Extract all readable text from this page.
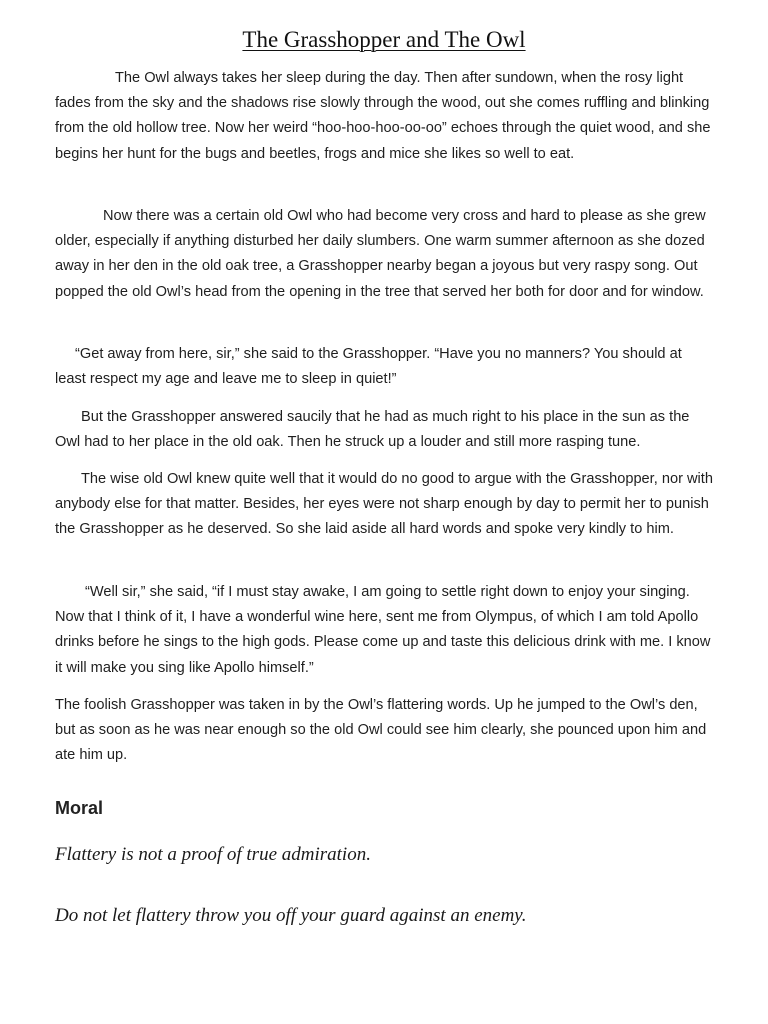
The Grasshopper and The Owl

The Owl always takes her sleep during the day. Then after sundown, when the rosy light fades from the sky and the shadows rise slowly through the wood, out she comes ruffling and blinking from the old hollow tree. Now her weird “hoo-hoo-hoo-oo-oo” echoes through the quiet wood, and she begins her hunt for the bugs and beetles, frogs and mice she likes so well to eat.

Now there was a certain old Owl who had become very cross and hard to please as she grew older, especially if anything disturbed her daily slumbers. One warm summer afternoon as she dozed away in her den in the old oak tree, a Grasshopper nearby began a joyous but very raspy song. Out popped the old Owl’s head from the opening in the tree that served her both for door and for window.

“Get away from here, sir,” she said to the Grasshopper. “Have you no manners? You should at least respect my age and leave me to sleep in quiet!”

But the Grasshopper answered saucily that he had as much right to his place in the sun as the Owl had to her place in the old oak. Then he struck up a louder and still more rasping tune.

The wise old Owl knew quite well that it would do no good to argue with the Grasshopper, nor with anybody else for that matter. Besides, her eyes were not sharp enough by day to permit her to punish the Grasshopper as he deserved. So she laid aside all hard words and spoke very kindly to him.

“Well sir,” she said, “if I must stay awake, I am going to settle right down to enjoy your singing. Now that I think of it, I have a wonderful wine here, sent me from Olympus, of which I am told Apollo drinks before he sings to the high gods. Please come up and taste this delicious drink with me. I know it will make you sing like Apollo himself.”

The foolish Grasshopper was taken in by the Owl’s flattering words. Up he jumped to the Owl’s den, but as soon as he was near enough so the old Owl could see him clearly, she pounced upon him and ate him up.

Moral

Flattery is not a proof of true admiration.

Do not let flattery throw you off your guard against an enemy.
